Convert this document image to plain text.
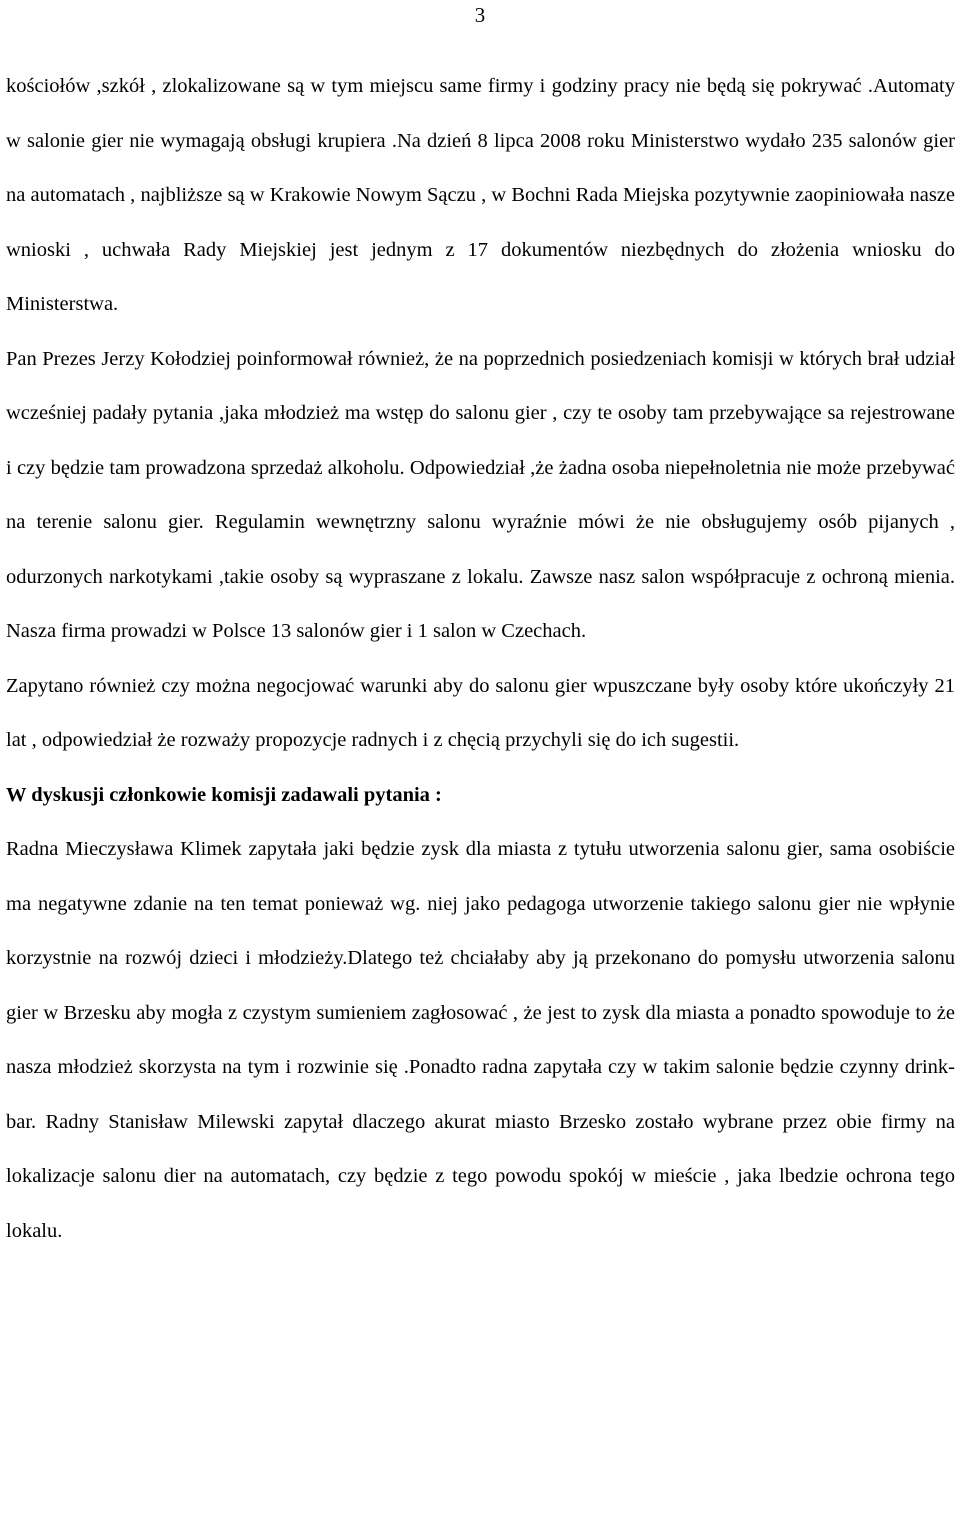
3

kościołów ,szkół , zlokalizowane są w tym miejscu same firmy i godziny pracy nie będą się pokrywać .Automaty w salonie gier nie wymagają obsługi krupiera .Na dzień 8 lipca 2008 roku Ministerstwo wydało 235 salonów gier na automatach , najbliższe są w Krakowie Nowym Sączu , w Bochni Rada Miejska pozytywnie zaopiniowała nasze wnioski , uchwała Rady Miejskiej jest jednym z 17 dokumentów niezbędnych do złożenia wniosku do Ministerstwa.

Pan Prezes Jerzy Kołodziej poinformował również, że na poprzednich posiedzeniach komisji w których brał udział wcześniej padały pytania ,jaka młodzież ma wstęp do salonu gier , czy te osoby tam przebywające sa rejestrowane i czy będzie tam prowadzona sprzedaż alkoholu. Odpowiedział ,że żadna osoba niepełnoletnia nie może przebywać na terenie salonu gier. Regulamin wewnętrzny salonu wyraźnie mówi że nie obsługujemy osób pijanych , odurzonych narkotykami ,takie osoby są wypraszane z lokalu. Zawsze nasz salon współpracuje z ochroną mienia. Nasza firma prowadzi w Polsce 13 salonów gier i 1 salon w Czechach.

Zapytano również czy można negocjować warunki aby do salonu gier wpuszczane były osoby które ukończyły 21 lat , odpowiedział że rozważy propozycje radnych i z chęcią przychyli się do ich sugestii.

W dyskusji członkowie komisji zadawali pytania :

Radna Mieczysława Klimek zapytała jaki będzie zysk dla miasta z tytułu utworzenia salonu gier, sama osobiście ma negatywne zdanie na ten temat ponieważ wg. niej jako pedagoga utworzenie takiego salonu gier nie wpłynie korzystnie na rozwój dzieci i młodzieży.Dlatego też chciałaby aby ją przekonano do pomysłu utworzenia salonu gier w Brzesku aby mogła z czystym sumieniem zagłosować , że jest to zysk dla miasta a ponadto spowoduje to że nasza młodzież skorzysta na tym i rozwinie się .Ponadto radna zapytała czy w takim salonie będzie czynny drink-bar. Radny Stanisław Milewski zapytał dlaczego akurat miasto Brzesko zostało wybrane przez obie firmy na lokalizacje salonu dier na automatach, czy będzie z tego powodu spokój w mieście , jaka lbedzie ochrona tego lokalu.
